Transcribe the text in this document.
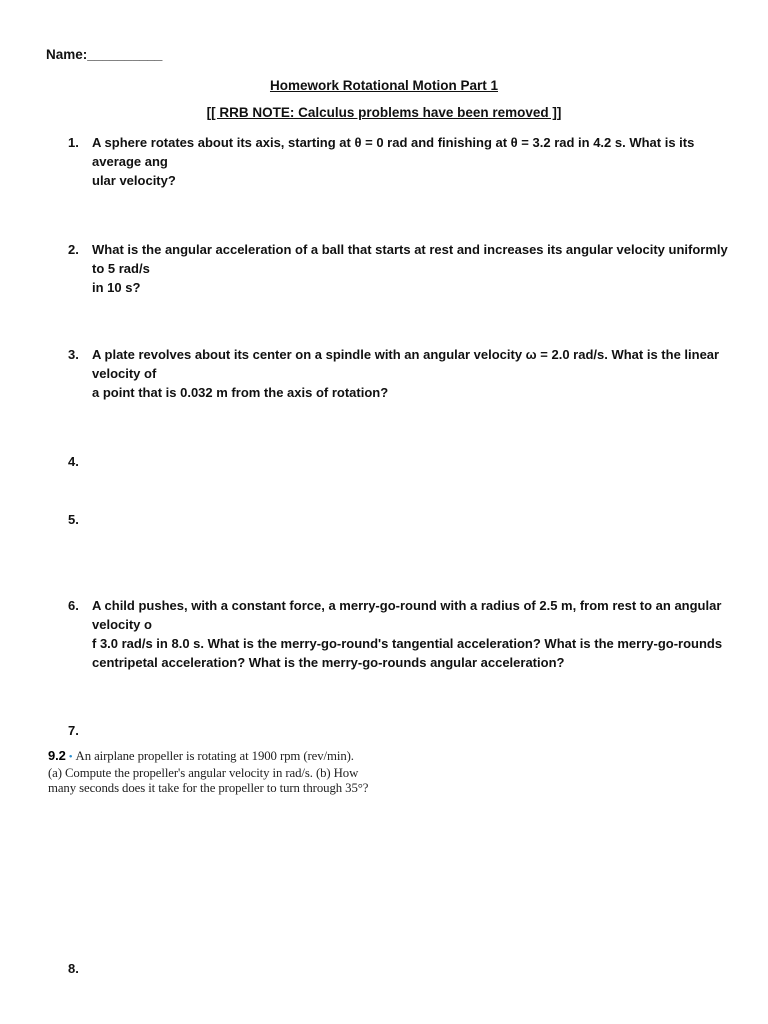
Name:__________
Homework Rotational Motion Part 1
[[ RRB NOTE: Calculus problems have been removed ]]
1.	A sphere rotates about its axis, starting at θ = 0 rad and finishing at θ = 3.2 rad in 4.2 s. What is its average ang
ular velocity?
2.	What is the angular acceleration of a ball that starts at rest and increases its angular velocity uniformly to 5 rad/s
in 10 s?
3.	A plate revolves about its center on a spindle with an angular velocity ω = 2.0 rad/s. What is the linear velocity of
a point that is 0.032 m from the axis of rotation?
4.
5.
6.	A child pushes, with a constant force, a merry-go-round with a radius of 2.5 m, from rest to an angular velocity o
f 3.0 rad/s in 8.0 s. What is the merry-go-round's tangential acceleration? What is the merry-go-rounds
centripetal acceleration? What is the merry-go-rounds angular acceleration?
7.
9.2 • An airplane propeller is rotating at 1900 rpm (rev/min).
(a) Compute the propeller's angular velocity in rad/s. (b) How
many seconds does it take for the propeller to turn through 35°?
8.
